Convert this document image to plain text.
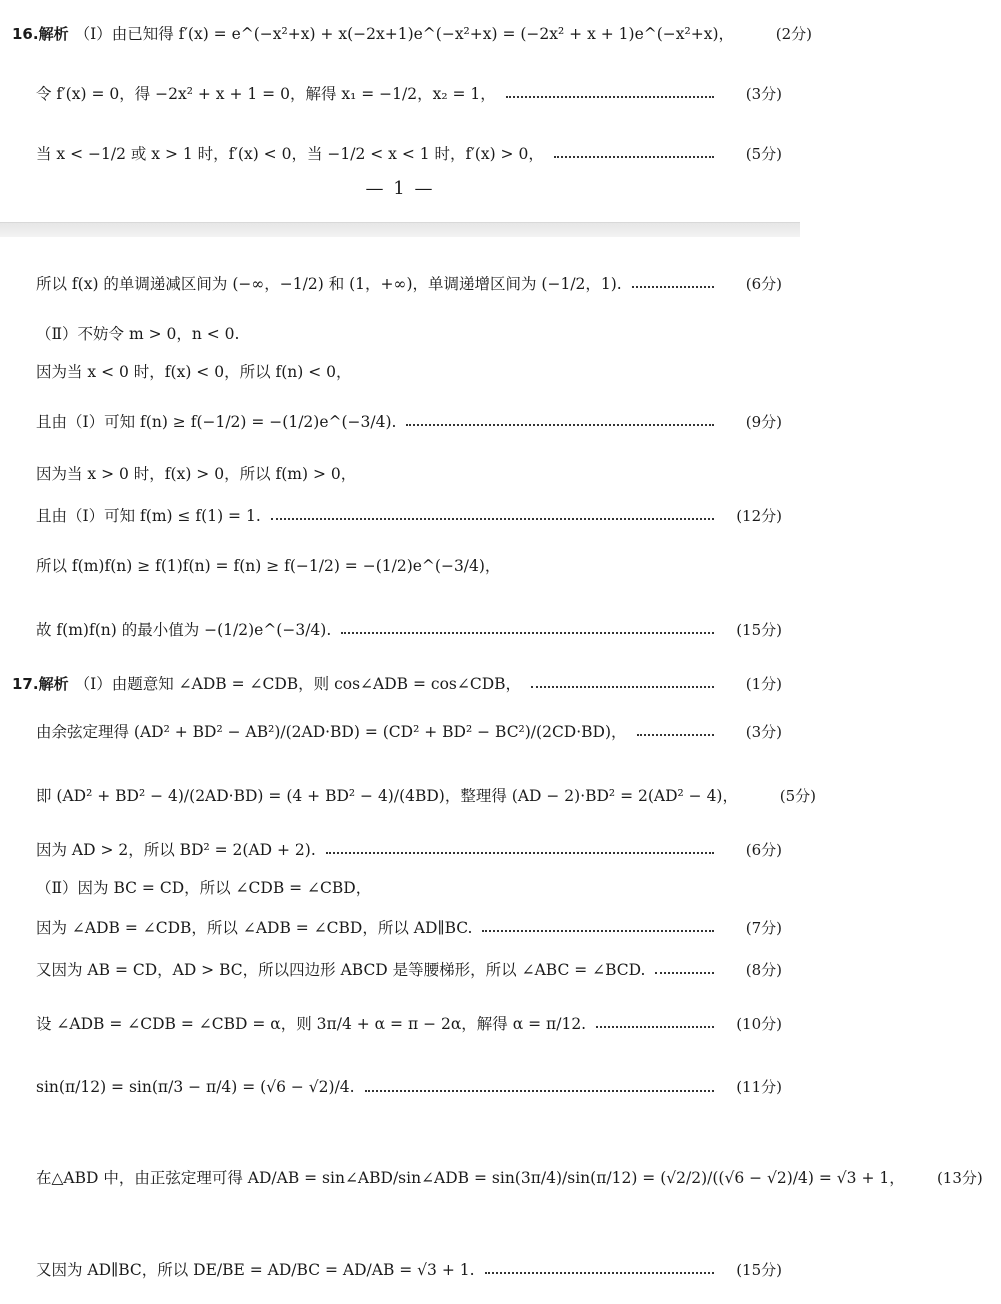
16.解析 （Ⅰ）由已知得 f′(x) = e^(−x²+x) + x(−2x+1)e^(−x²+x) = (−2x² + x + 1)e^(−x²+x)，	(2分)
令 f′(x) = 0，得 −2x² + x + 1 = 0，解得 x₁ = −1/2，x₂ = 1，	(3分)
当 x < −1/2 或 x > 1 时，f′(x) < 0，当 −1/2 < x < 1 时，f′(x) > 0，	(5分)
— 1 —
所以 f(x) 的单调递减区间为 (−∞，−1/2) 和 (1，+∞)，单调递增区间为 (−1/2，1).	(6分)
（Ⅱ）不妨令 m > 0，n < 0.
因为当 x < 0 时，f(x) < 0，所以 f(n) < 0，
且由（Ⅰ）可知 f(n) ≥ f(−1/2) = −(1/2)e^(−3/4).	(9分)
因为当 x > 0 时，f(x) > 0，所以 f(m) > 0，
且由（Ⅰ）可知 f(m) ≤ f(1) = 1.	(12分)
所以 f(m)f(n) ≥ f(1)f(n) = f(n) ≥ f(−1/2) = −(1/2)e^(−3/4)，
故 f(m)f(n) 的最小值为 −(1/2)e^(−3/4).	(15分)
17.解析 （Ⅰ）由题意知 ∠ADB = ∠CDB，则 cos∠ADB = cos∠CDB，	(1分)
由余弦定理得 (AD² + BD² − AB²)/(2AD·BD) = (CD² + BD² − BC²)/(2CD·BD)，	(3分)
即 (AD² + BD² − 4)/(2AD·BD) = (4 + BD² − 4)/(4BD)，整理得 (AD − 2)·BD² = 2(AD² − 4)，	(5分)
因为 AD > 2，所以 BD² = 2(AD + 2).	(6分)
（Ⅱ）因为 BC = CD，所以 ∠CDB = ∠CBD，
因为 ∠ADB = ∠CDB，所以 ∠ADB = ∠CBD，所以 AD∥BC.	(7分)
又因为 AB = CD，AD > BC，所以四边形 ABCD 是等腰梯形，所以 ∠ABC = ∠BCD.	(8分)
设 ∠ADB = ∠CDB = ∠CBD = α，则 3π/4 + α = π − 2α，解得 α = π/12.	(10分)
sin(π/12) = sin(π/3 − π/4) = (√6 − √2)/4.	(11分)
在△ABD 中，由正弦定理可得 AD/AB = sin∠ABD/sin∠ADB = sin(3π/4)/sin(π/12) = (√2/2)/((√6 − √2)/4) = √3 + 1，	(13分)
又因为 AD∥BC，所以 DE/BE = AD/BC = AD/AB = √3 + 1.	(15分)
